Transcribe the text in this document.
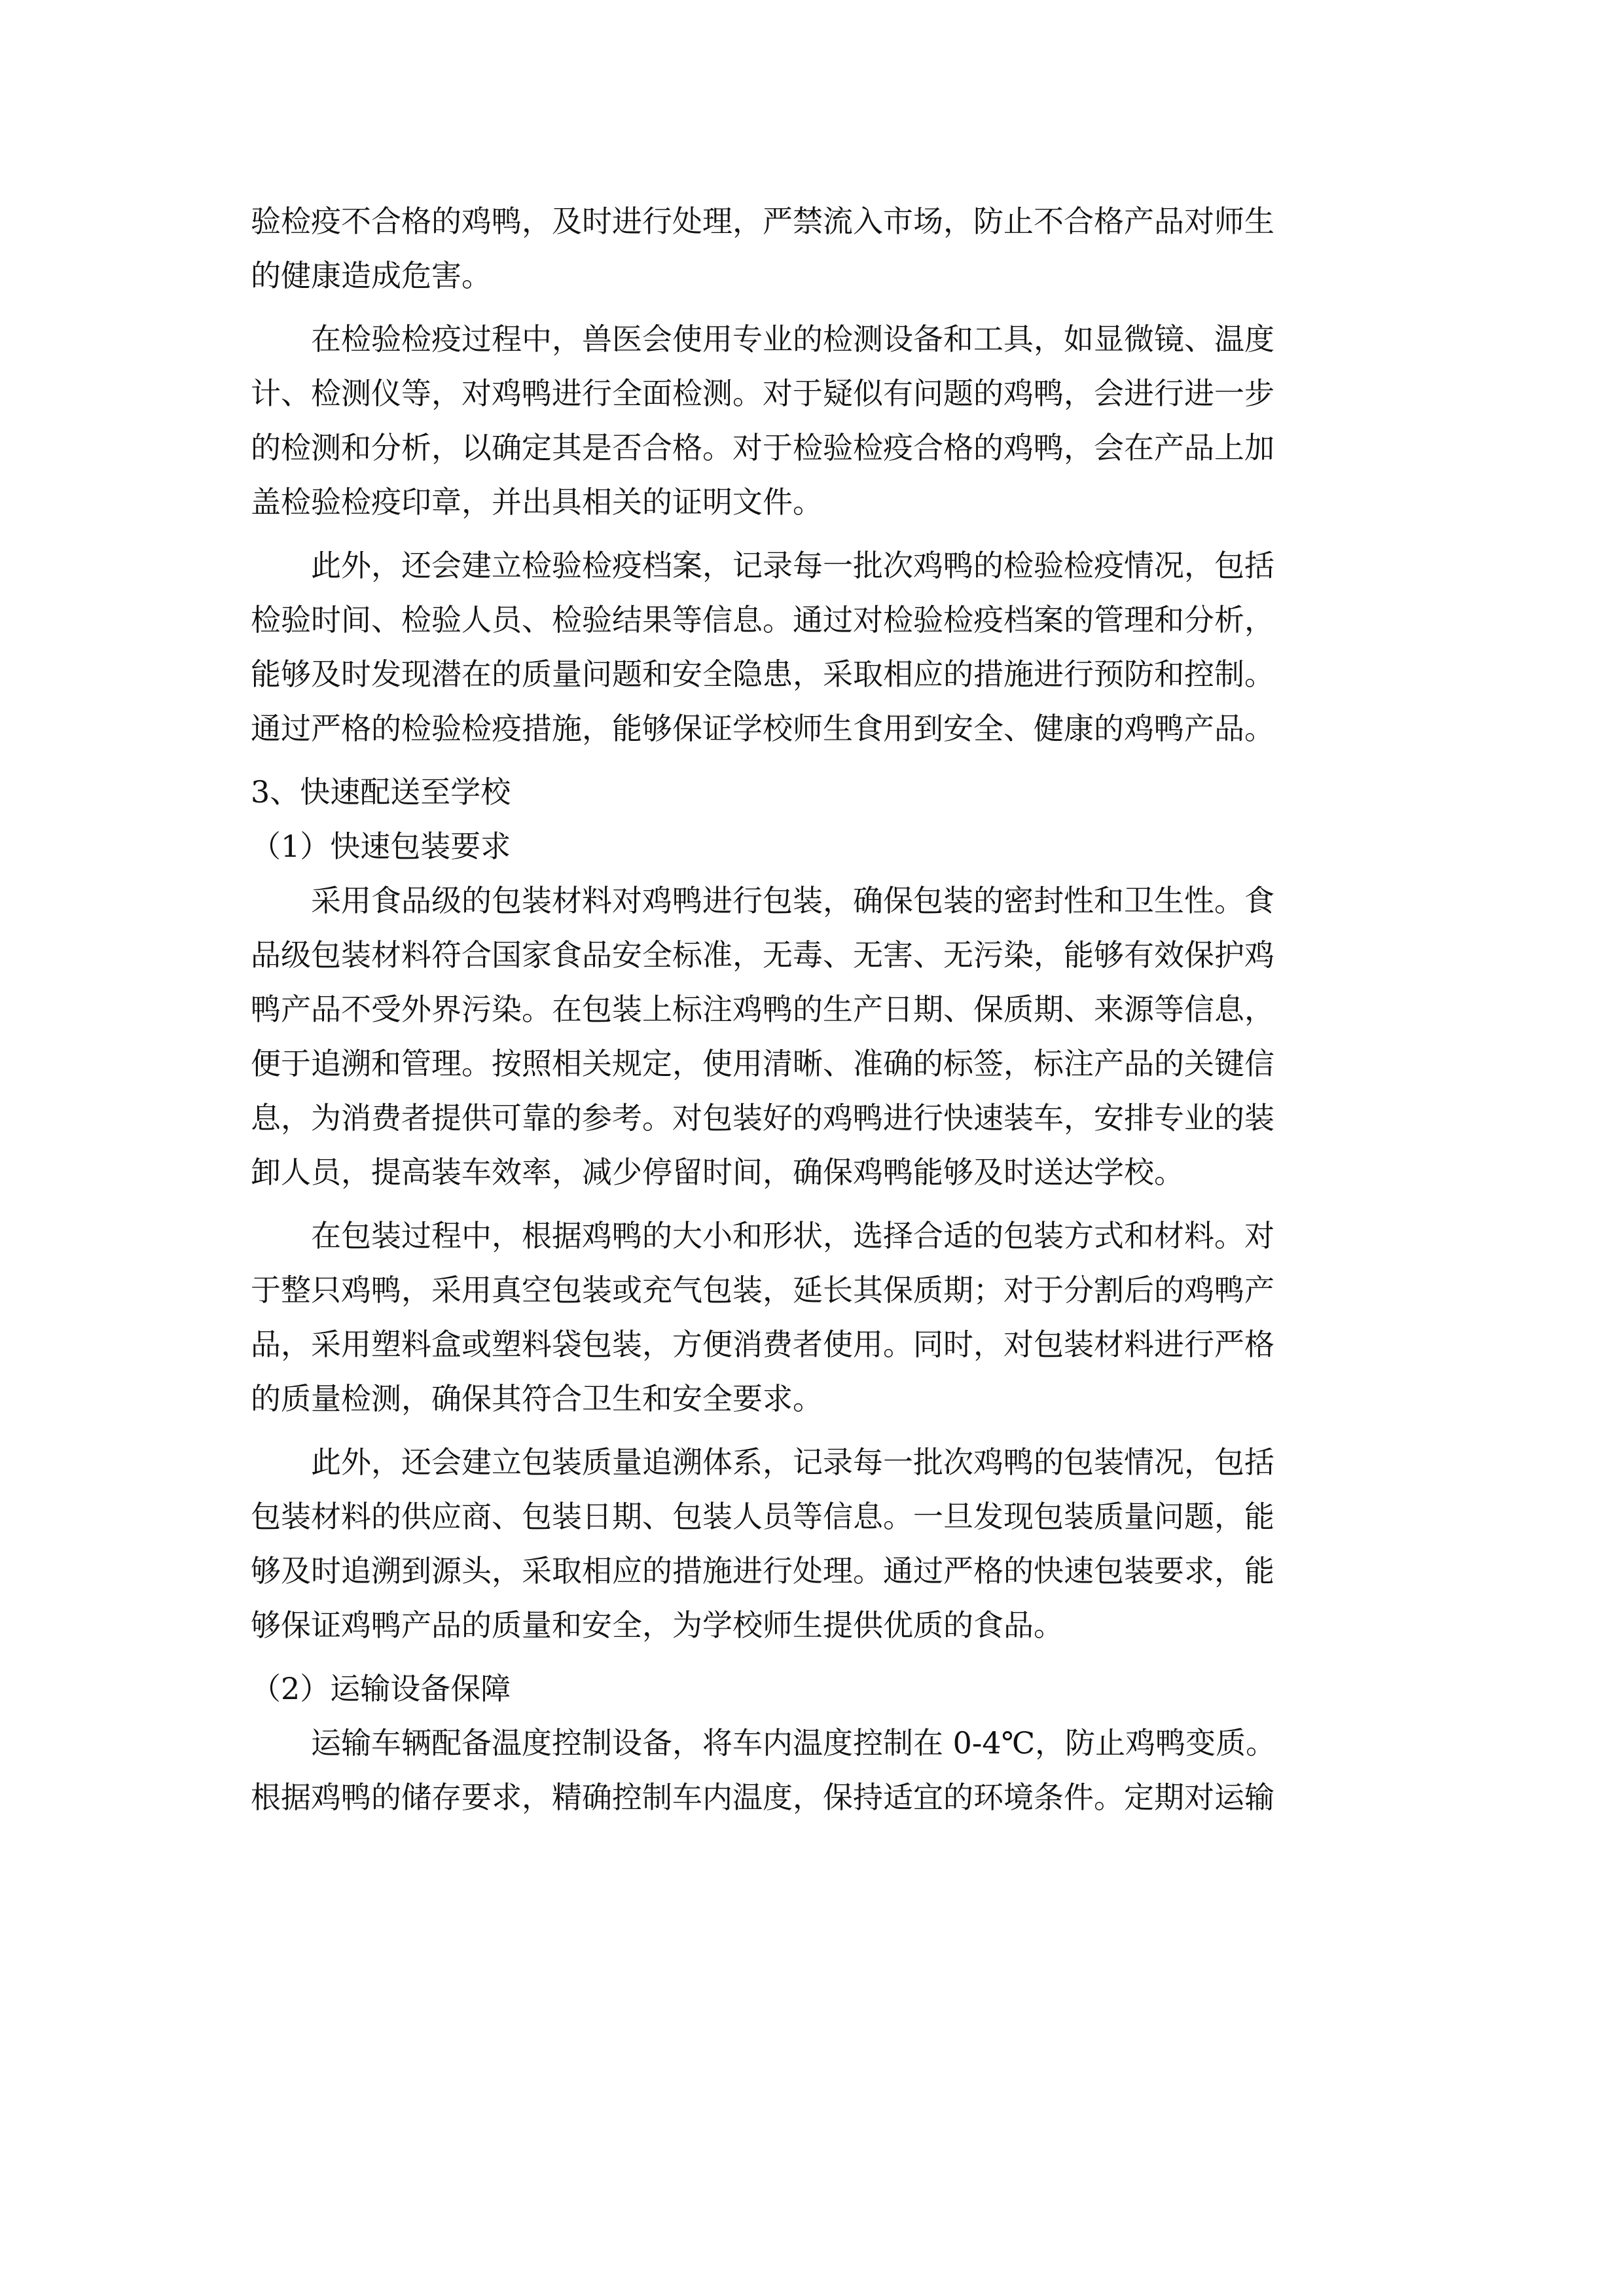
验检疫不合格的鸡鸭，及时进行处理，严禁流入市场，防止不合格产品对师生
的健康造成危害。

在检验检疫过程中，兽医会使用专业的检测设备和工具，如显微镜、温度
计、检测仪等，对鸡鸭进行全面检测。对于疑似有问题的鸡鸭，会进行进一步
的检测和分析，以确定其是否合格。对于检验检疫合格的鸡鸭，会在产品上加
盖检验检疫印章，并出具相关的证明文件。

此外，还会建立检验检疫档案，记录每一批次鸡鸭的检验检疫情况，包括
检验时间、检验人员、检验结果等信息。通过对检验检疫档案的管理和分析，
能够及时发现潜在的质量问题和安全隐患，采取相应的措施进行预防和控制。
通过严格的检验检疫措施，能够保证学校师生食用到安全、健康的鸡鸭产品。

3、快速配送至学校

（1）快速包装要求

采用食品级的包装材料对鸡鸭进行包装，确保包装的密封性和卫生性。食
品级包装材料符合国家食品安全标准，无毒、无害、无污染，能够有效保护鸡
鸭产品不受外界污染。在包装上标注鸡鸭的生产日期、保质期、来源等信息，
便于追溯和管理。按照相关规定，使用清晰、准确的标签，标注产品的关键信
息，为消费者提供可靠的参考。对包装好的鸡鸭进行快速装车，安排专业的装
卸人员，提高装车效率，减少停留时间，确保鸡鸭能够及时送达学校。

在包装过程中，根据鸡鸭的大小和形状，选择合适的包装方式和材料。对
于整只鸡鸭，采用真空包装或充气包装，延长其保质期；对于分割后的鸡鸭产
品，采用塑料盒或塑料袋包装，方便消费者使用。同时，对包装材料进行严格
的质量检测，确保其符合卫生和安全要求。

此外，还会建立包装质量追溯体系，记录每一批次鸡鸭的包装情况，包括
包装材料的供应商、包装日期、包装人员等信息。一旦发现包装质量问题，能
够及时追溯到源头，采取相应的措施进行处理。通过严格的快速包装要求，能
够保证鸡鸭产品的质量和安全，为学校师生提供优质的食品。

（2）运输设备保障

运输车辆配备温度控制设备，将车内温度控制在 0-4℃，防止鸡鸭变质。
根据鸡鸭的储存要求，精确控制车内温度，保持适宜的环境条件。定期对运输
